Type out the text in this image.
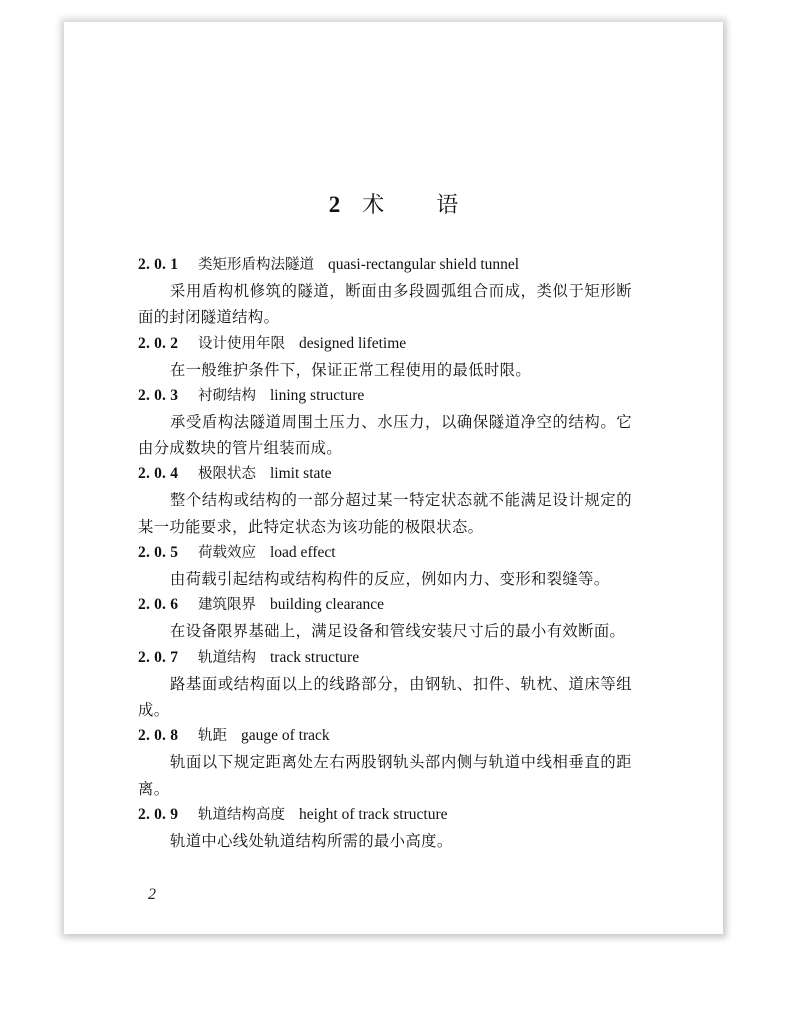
2 术 语
2. 0. 1 类矩形盾构法隧道 quasi-rectangular shield tunnel

采用盾构机修筑的隧道，断面由多段圆弧组合而成，类似于矩形断面的封闭隧道结构。

2. 0. 2 设计使用年限 designed lifetime

在一般维护条件下，保证正常工程使用的最低时限。

2. 0. 3 衬砌结构 lining structure

承受盾构法隧道周围土压力、水压力，以确保隧道净空的结构。它由分成数块的管片组装而成。

2. 0. 4 极限状态 limit state

整个结构或结构的一部分超过某一特定状态就不能满足设计规定的某一功能要求，此特定状态为该功能的极限状态。

2. 0. 5 荷载效应 load effect

由荷载引起结构或结构构件的反应，例如内力、变形和裂缝等。

2. 0. 6 建筑限界 building clearance

在设备限界基础上，满足设备和管线安装尺寸后的最小有效断面。

2. 0. 7 轨道结构 track structure

路基面或结构面以上的线路部分，由钢轨、扣件、轨枕、道床等组成。

2. 0. 8 轨距 gauge of track

轨面以下规定距离处左右两股钢轨头部内侧与轨道中线相垂直的距离。

2. 0. 9 轨道结构高度 height of track structure

轨道中心线处轨道结构所需的最小高度。

2
